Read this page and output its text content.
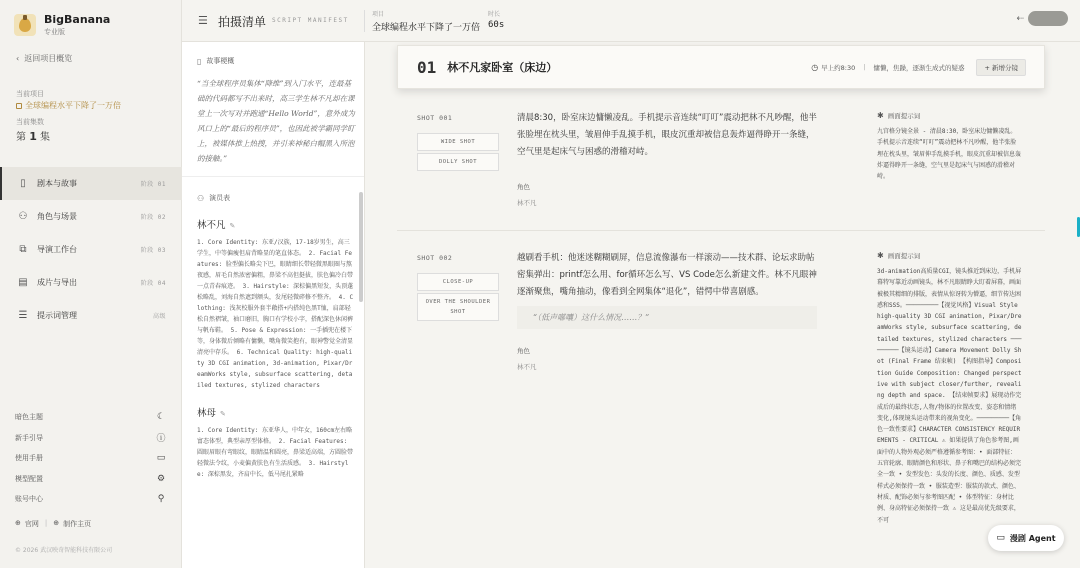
BigBanana
专业版
‹  返回项目概览
当前项目
全球编程水平下降了一万倍
当前集数
第 1 集
▯	剧本与故事	阶段 01
⚇	角色与场景	阶段 02
⧉	导演工作台	阶段 03
▤ 成片与导出	阶段 04
☰	提示词管理	高级
暗色主题	☾
新手引导	ⓘ
使用手册	▭
模型配置	⚙
账号中心	⚲
⊕ 官网 | ⊕ 制作主页
© 2026 武汉映奇智能科技有限公司
☰ 拍摄清单 SCRIPT MANIFEST
项目
全球编程水平下降了一万倍
时长
60s
⇠
▯ 故事梗概
“当全球程序员集体“降维”到入门水平，连最基础的代码都写不出来时，高三学生林不凡却在课堂上一次写对并跑通“Hello World”，意外成为风口上的“最后的程序员”，也因此被学霸同学盯上，被媒体推上热搜，并引来神秘白帽黑入所泡的接触。”
⚇ 演员表
林不凡 ✎
1. Core Identity: 东亚/汉族，17-18岁男生，高三学生，中等偏瘦但肩背略显的笔直体态。 2. Facial Features: 脸型偏长略尖下巴，眼睛细长带轻微黑眼圈与熬夜感，眉毛自然浓密偏粗，鼻梁不高但挺拔，肤色偏冷白带一点青春痕迹。 3. Hairstyle: 深棕偏黑短发，头顶蓬松略乱，刘海自然遮到额头，发尾轻微碎修不整齐。 4. Clothing: 浅灰校服外套半敞搭+内搭纯色黑T恤，肩部轻松自然褶皱，袖口磨旧，胸口有学校小字，搭配深色休闲裤与帆布鞋。 5. Pose & Expression: 一手插兜在楼下等，身体微后倾略有慵懒，嘴角微笑抱有，眼神警觉全清显清亮中存乐。 6. Technical Quality: high-quality 3D CGI animation, 3d-animation, Pixar/DreamWorks style, subsurface scattering, detailed textures, stylized characters
林母 ✎
1. Core Identity: 东亚华人，中年女，160cm左右略富态体型，典型亲厚型体格。 2. Facial Features: 圆眼眉眼有弯眼纹，眼睛温和圆亮，鼻梁适高端，方圆脸带轻微法令纹，小麦偏黄肤色有生活质感。 3. Hairstyle: 深棕黑发，齐肩中长，低马尾扎紧略
01 林不凡家卧室（床边）	◷ 早上约8:30 | 慵懒，焦躁，逐渐生成式的疑惑	+ 新增分镜
SHOT 001
WIDE SHOT
DOLLY SHOT
清晨8:30，卧室床边慵懒凌乱。手机提示音连续“叮叮”震动把林不凡吵醒，他半张脸埋在枕头里，皱眉伸手乱摸手机，眼皮沉重却被信息轰炸逼得睁开一条缝，空气里是起床气与困惑的滑稽对峙。
角色
林不凡
✱ 画面提示词
九宫格分镜全景 - 清晨8:30，卧室床边慵懒凌乱。手机提示音连续“叮叮”震动把林不凡吵醒，他半张脸埋在枕头里，皱眉伸手乱摸手机，眼皮沉重却被信息轰炸逼得睁开一条缝，空气里是起床气与困惑的滑稽对峙。
SHOT 002
CLOSE-UP
OVER THE SHOULDER SHOT
越刷看手机：他迷迷糊糊刷屏，信息流像瀑布一样滚动——技术群、论坛求助帖密集弹出：printf怎么用、for循环怎么写、VS Code怎么新建文件。林不凡眼神逐渐聚焦，嘴角抽动，像看到全网集体“退化”，错愕中带喜剧感。
“（低声嘟囔）这什么情况……？”
角色
林不凡
✱ 画面提示词
3d-animation高质量CGI，镜头推近到床边，手机屏幕特写靠近动画镜头，林不凡眼睛睁大盯着屏幕，画面被极其精细的排版，表情从惊讶转为懵逼，细节传达困惑和SSS。─────────【视觉风格】Visual Style high-quality 3D CGI animation, Pixar/DreamWorks style, subsurface scattering, detailed textures, stylized characters ─────────【镜头运动】Camera Movement Dolly Shot (Final Frame 结束帧) 【构图指导】Composition Guide Composition: Changed perspective with subject closer/further, revealing depth and space. 【结束帧要求】展现动作完成后的最终状态,人物/物体的位置改变、姿态和情绪变化,体现镜头运动带来的视角变化。─────────【角色一致性要求】CHARACTER CONSISTENCY REQUIREMENTS - CRITICAL ⚠ 如果提供了角色参考图,画面中的人物外观必须严格遵循参考图：• 面部特征：五官轮廓、眼睛颜色和形状、鼻子和嘴巴的结构必须完全一致 • 发型发色：头发的长度、颜色、质感、发型样式必须保持一致 • 服装造型：服装的款式、颜色、材质、配饰必须与参考图匹配 • 体型特征：身材比例、身高特征必须保持一致 ⚠ 这是最高优先级要求，不可
▭ 漫剧 Agent
